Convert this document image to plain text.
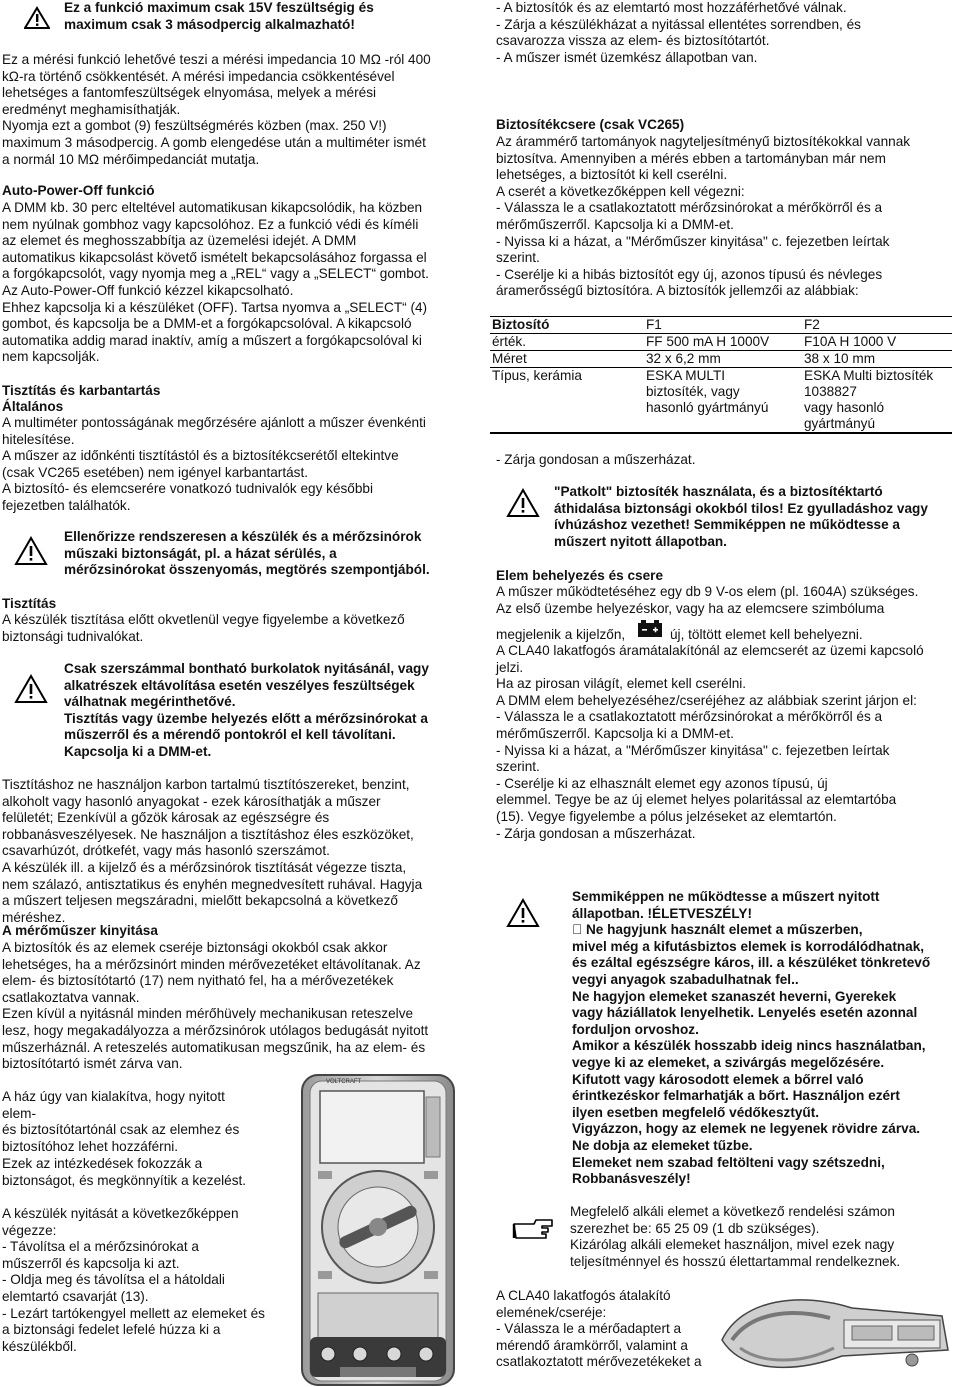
Ez a funkció maximum csak 15V feszültségig és
maximum csak 3 másodpercig alkalmazható!
Ez a mérési funkció lehetővé teszi a mérési impedancia 10 MΩ -ról 400
kΩ-ra történő csökkentését. A mérési impedancia csökkentésével
lehetséges a fantomfeszültségek elnyomása, melyek a mérési
eredményt meghamisíthatják.
Nyomja ezt a gombot (9) feszültségmérés közben (max. 250 V!)
maximum 3 másodpercig. A gomb elengedése után a multiméter ismét
a normál 10 MΩ mérőimpedanciát mutatja.
Auto-Power-Off funkció
A DMM kb. 30 perc elteltével automatikusan kikapcsolódik, ha közben
nem nyúlnak gombhoz vagy kapcsolóhoz. Ez a funkció védi és kíméli
az elemet és meghosszabbítja az üzemelési idejét. A DMM
automatikus kikapcsolást követő ismételt bekapcsolásához forgassa el
a forgókapcsolót, vagy nyomja meg a „REL“ vagy a „SELECT“ gombot.
Az Auto-Power-Off funkció kézzel kikapcsolható.
Ehhez kapcsolja ki a készüléket (OFF). Tartsa nyomva a „SELECT“ (4)
gombot, és kapcsolja be a DMM-et a forgókapcsolóval. A kikapcsoló
automatika addig marad inaktív, amíg a műszert a forgókapcsolóval ki
nem kapcsolják.
Tisztítás és karbantartás
Általános
A multiméter pontosságának megőrzésére ajánlott a műszer évenkénti
hitelesítése.
A műszer az időnkénti tisztítástól és a biztosítékcserétől eltekintve
(csak VC265 esetében) nem igényel karbantartást.
A biztosító- és elemcserére vonatkozó tudnivalók egy későbbi
fejezetben találhatók.
Ellenőrizze rendszeresen a készülék és a mérőzsinórok
műszaki biztonságát, pl. a házat sérülés, a
mérőzsinórokat összenyomás, megtörés szempontjából.
Tisztítás
A készülék tisztítása előtt okvetlenül vegye figyelembe a következő
biztonsági tudnivalókat.
Csak szerszámmal bontható burkolatok nyitásánál, vagy
alkatrészek eltávolítása esetén veszélyes feszültségek
válhatnak megérinthetővé.
Tisztítás vagy üzembe helyezés előtt a mérőzsinórokat a
műszerről és a mérendő pontokról el kell távolítani.
Kapcsolja ki a DMM-et.
Tisztításhoz ne használjon karbon tartalmú tisztítószereket, benzint,
alkoholt vagy hasonló anyagokat - ezek károsíthatják a műszer
felületét; Ezenkívül a gőzök károsak az egészségre és
robbanásveszélyesek. Ne használjon a tisztításhoz éles eszközöket,
csavarhúzót, drótkefét, vagy más hasonló szerszámot.
A készülék ill. a kijelző és a mérőzsinórok tisztítását végezze tiszta,
nem szálazó, antisztatikus és enyhén megnedvesített ruhával. Hagyja
a műszert teljesen megszáradni, mielőtt bekapcsolná a következő
méréshez.
A mérőműszer kinyitása
A biztosítók és az elemek cseréje biztonsági okokból csak akkor
lehetséges, ha a mérőzsinórt minden mérővezetéket eltávolítanak. Az
elem- és biztosítótartó (17) nem nyitható fel, ha a mérővezetékek
csatlakoztatva vannak.
Ezen kívül a nyitásnál minden mérőhüvely mechanikusan reteszelve
lesz, hogy megakadályozza a mérőzsinórok utólagos bedugását nyitott
műszerháznál. A reteszelés automatikusan megszűnik, ha az elem- és
biztosítótartó ismét zárva van.
A ház úgy van kialakítva, hogy nyitott elem-
és biztosítótartónál csak az elemhez és
biztosítóhoz lehet hozzáférni.
Ezek az intézkedések fokozzák a
biztonságot, és megkönnyítik a kezelést.
A készülék nyitását a következőképpen
végezze:
- Távolítsa el a mérőzsinórokat a
műszerről és kapcsolja ki azt.
- Oldja meg és távolítsa el a hátoldali
elemtartó csavarját (13).
- Lezárt tartókengyel mellett az elemeket és
a biztonsági fedelet lefelé húzza ki a
készülékből.
VOLTCRAFT
- A biztosítók és az elemtartó most hozzáférhetővé válnak.
- Zárja a készülékházat a nyitással ellentétes sorrendben, és
csavarozza vissza az elem- és biztosítótartót.
- A műszer ismét üzemkész állapotban van.
Biztosítékcsere (csak VC265)
Az árammérő tartományok nagyteljesítményű biztosítékokkal vannak
biztosítva. Amennyiben a mérés ebben a tartományban már nem
lehetséges, a biztosítót ki kell cserélni.
A cserét a következőképpen kell végezni:
- Válassza le a csatlakoztatott mérőzsinórokat a mérőkörről és a
mérőműszerről. Kapcsolja ki a DMM-et.
- Nyissa ki a házat, a "Mérőműszer kinyitása" c. fejezetben leírtak
szerint.
- Cserélje ki a hibás biztosítót egy új, azonos típusú és névleges
áramerősségű biztosítóra. A biztosítók jellemzői az alábbiak:
Biztosító	F1	F2
érték.	FF 500 mA H 1000V	F10A H 1000 V
Méret	32 x 6,2 mm	38 x 10 mm
Típus, kerámia	ESKA MULTI
biztosíték, vagy
hasonló gyártmányú	ESKA Multi biztosíték
1038827
vagy hasonló
gyártmányú
- Zárja gondosan a műszerházat.
"Patkolt" biztosíték használata, és a biztosítéktartó
áthidalása biztonsági okokból tilos! Ez gyulladáshoz vagy
ívhúzáshoz vezethet! Semmiképpen ne működtesse a
műszert nyitott állapotban.
Elem behelyezés és csere
A műszer működtetéséhez egy db 9 V-os elem (pl. 1604A) szükséges.
Az első üzembe helyezéskor, vagy ha az elemcsere szimbóluma
megjelenik a kijelzőn,	új, töltött elemet kell behelyezni.
A CLA40 lakatfogós áramátalakítónál az elemcserét az üzemi kapcsoló
jelzi.
Ha az pirosan világít, elemet kell cserélni.
A DMM elem behelyezéséhez/cseréjéhez az alábbiak szerint járjon el:
- Válassza le a csatlakoztatott mérőzsinórokat a mérőkörről és a
mérőműszerről. Kapcsolja ki a DMM-et.
- Nyissa ki a házat, a "Mérőműszer kinyitása" c. fejezetben leírtak
szerint.
- Cserélje ki az elhasznált elemet egy azonos típusú, új
elemmel. Tegye be az új elemet helyes polaritással az elemtartóba
(15). Vegye figyelembe a pólus jelzéseket az elemtartón.
- Zárja gondosan a műszerházat.
Semmiképpen ne működtesse a műszert nyitott
állapotban. !ÉLETVESZÉLY!
Ne hagyjunk használt elemet a műszerben,
mivel még a kifutásbiztos elemek is korrodálódhatnak,
és ezáltal egészségre káros, ill. a készüléket tönkretevő
vegyi anyagok szabadulhatnak fel..
Ne hagyjon elemeket szanaszét heverni, Gyerekek
vagy háziállatok lenyelhetik. Lenyelés esetén azonnal
forduljon orvoshoz.
Amikor a készülék hosszabb ideig nincs használatban,
vegye ki az elemeket, a szivárgás megelőzésére.
Kifutott vagy károsodott elemek a bőrrel való
érintkezéskor felmarhatják a bőrt. Használjon ezért
ilyen esetben megfelelő védőkesztyűt.
Vigyázzon, hogy az elemek ne legyenek rövidre zárva.
Ne dobja az elemeket tűzbe.
Elemeket nem szabad feltölteni vagy szétszedni,
Robbanásveszély!
Megfelelő alkáli elemet a következő rendelési számon
szerezhet be: 65 25 09 (1 db szükséges).
Kizárólag alkáli elemeket használjon, mivel ezek nagy
teljesítménnyel és hosszú élettartammal rendelkeznek.
A CLA40 lakatfogós átalakító elemének/cseréje:
- Válassza le a mérőadaptert a
mérendő áramkörről, valamint a
csatlakoztatott mérővezetékeket a
